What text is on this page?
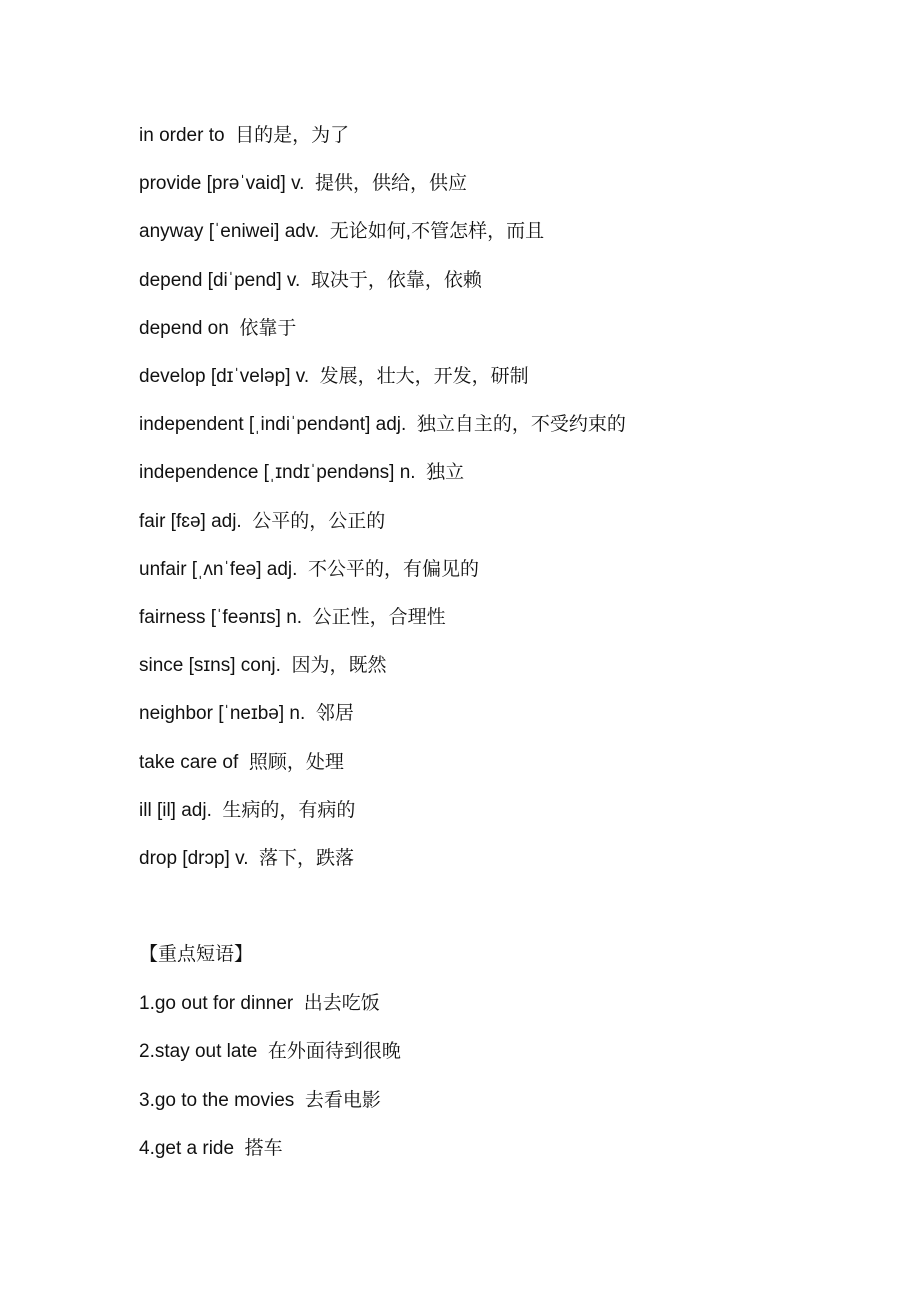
in order to  目的是，为了
provide [prəˈvaid] v.  提供，供给，供应
anyway [ˈeniwei] adv.  无论如何,不管怎样，而且
depend [diˈpend] v.  取决于，依靠，依赖
depend on  依靠于
develop [dɪˈveləp] v.  发展，壮大，开发，研制
independent [ˌindiˈpendənt] adj.  独立自主的，不受约束的
independence [ˌɪndɪˈpendəns] n.  独立
fair [fɛə] adj.  公平的，公正的
unfair [ˌʌnˈfeə] adj.  不公平的，有偏见的
fairness [ˈfeənɪs] n.  公正性，合理性
since [sɪns] conj.  因为，既然
neighbor [ˈneɪbə] n.  邻居
take care of  照顾，处理
ill [il] adj.  生病的，有病的
drop [drɔp] v.  落下，跌落
【重点短语】
1.go out for dinner  出去吃饭
2.stay out late  在外面待到很晚
3.go to the movies  去看电影
4.get a ride  搭车
